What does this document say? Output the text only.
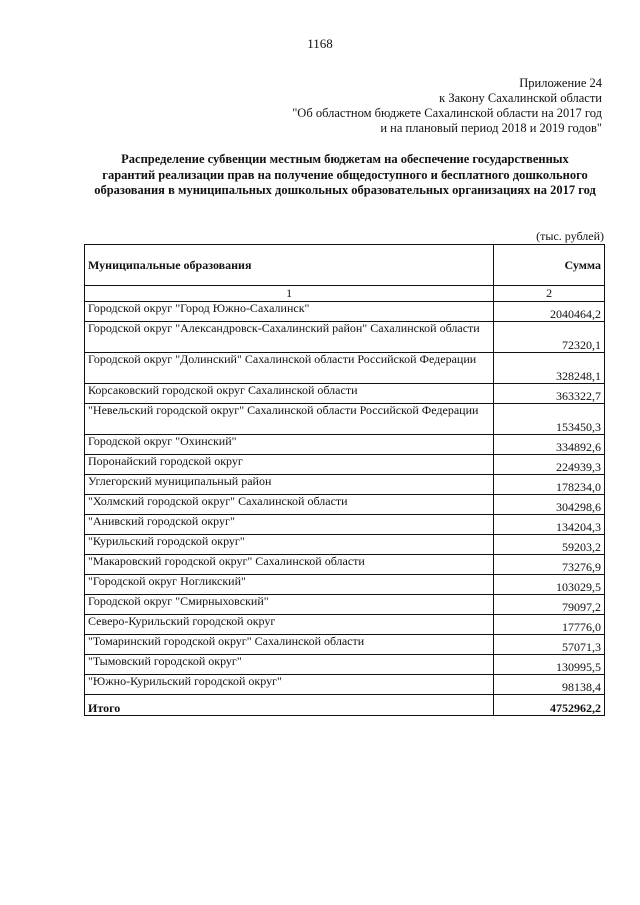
1168
Приложение 24
к Закону Сахалинской области
"Об областном бюджете Сахалинской области на 2017 год
и на плановый период 2018 и 2019 годов"
Распределение субвенции местным бюджетам на обеспечение государственных
гарантий реализации прав на получение общедоступного и бесплатного дошкольного
образования в муниципальных дошкольных образовательных организациях на 2017 год
(тыс. рублей)
Муниципальные образования	Сумма
1	2
Городской округ "Город Южно-Сахалинск"	2040464,2
Городской округ "Александровск-Сахалинский район" Сахалинской области	72320,1
Городской округ "Долинский" Сахалинской области Российской Федерации	328248,1
Корсаковский городской округ Сахалинской области	363322,7
"Невельский городской округ" Сахалинской области Российской Федерации	153450,3
Городской округ "Охинский"	334892,6
Поронайский городской округ	224939,3
Углегорский муниципальный район	178234,0
"Холмский городской округ" Сахалинской области	304298,6
"Анивский городской округ"	134204,3
"Курильский городской округ"	59203,2
"Макаровский городской округ" Сахалинской области	73276,9
"Городской округ Ногликский"	103029,5
Городской округ "Смирныховский"	79097,2
Северо-Курильский городской округ	17776,0
"Томаринский городской округ" Сахалинской области	57071,3
"Тымовский городской округ"	130995,5
"Южно-Курильский городской округ"	98138,4
Итого	4752962,2
